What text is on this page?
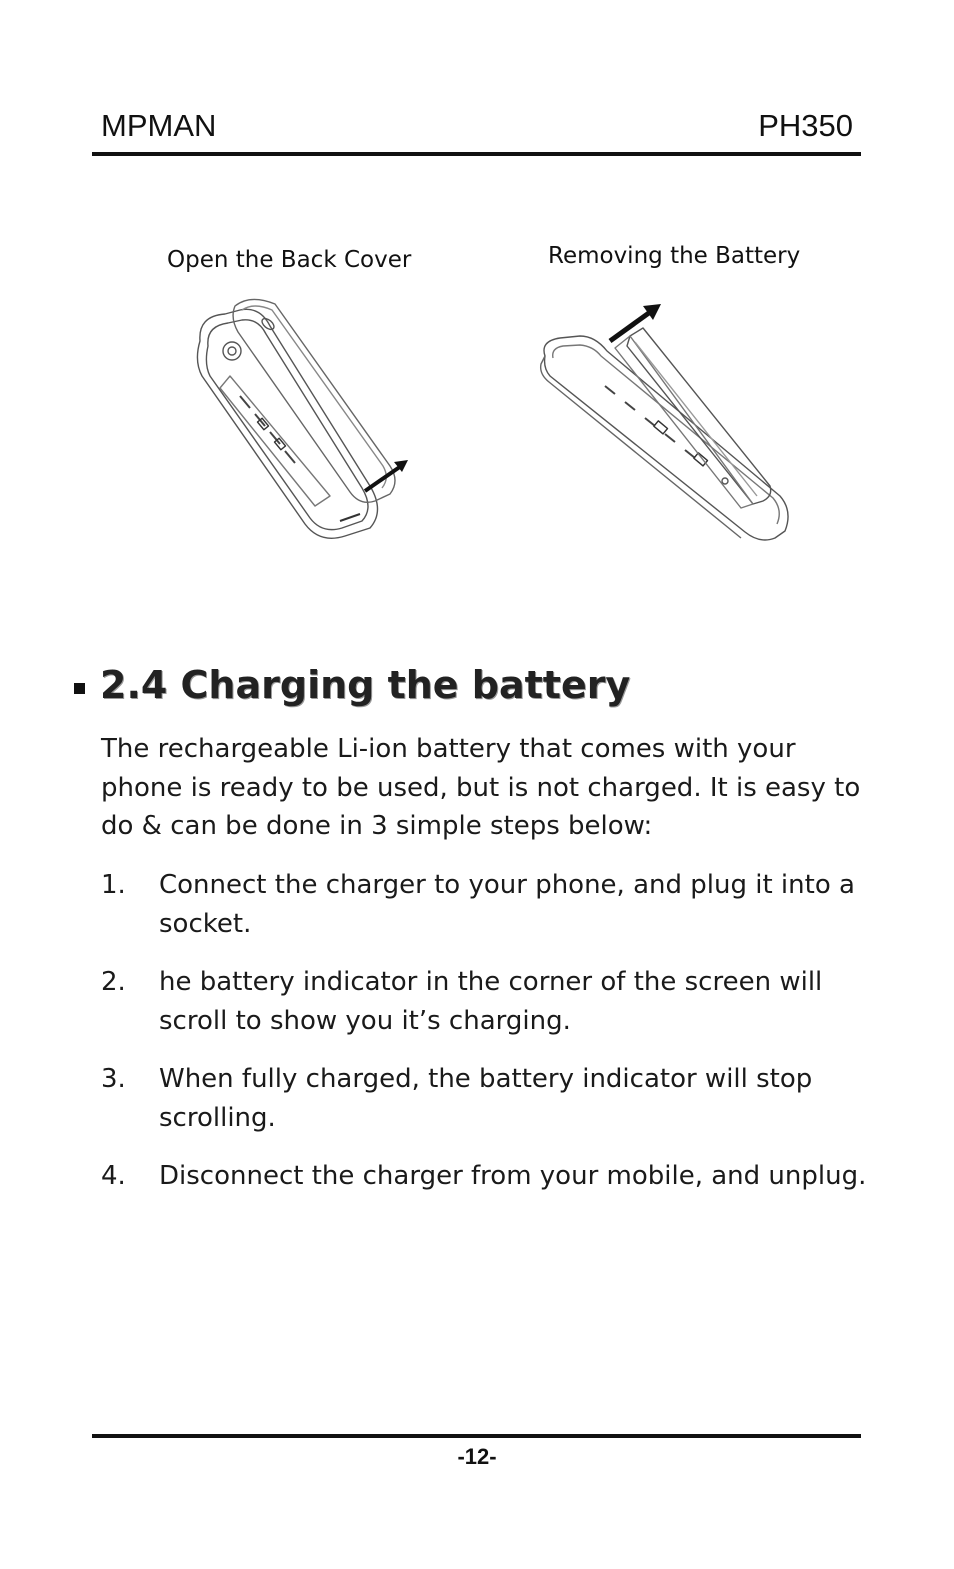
MPMAN	PH350
Open the Back Cover	Removing the Battery
2.4 Charging the battery
The rechargeable Li-ion battery that comes with your phone is ready to be used, but is not charged. It is easy to do & can be done in 3 simple steps below:
1.	Connect the charger to your phone, and plug it into a socket.
2.	he battery indicator in the corner of the screen will scroll to show you it’s charging.
3.	When fully charged, the battery indicator will stop scrolling.
4.	Disconnect the charger from your mobile, and unplug.
-12-
